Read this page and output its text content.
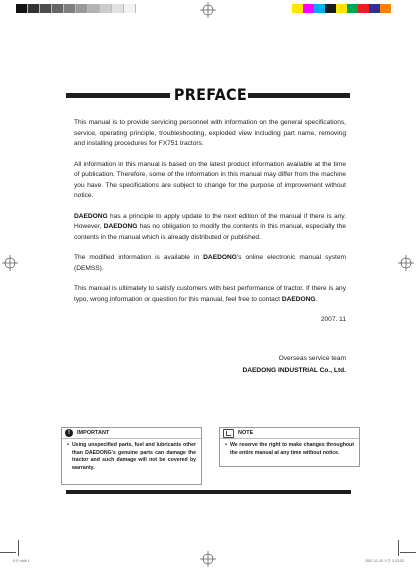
PREFACE

This manual is to provide servicing personnel with information on the general specifications, service, operating principle, troubleshooting, exploded view including part name, removing and installing procedures for FX751 tractors.

All information in this manual is based on the latest product information available at the time of publication. Therefore, some of the information in this manual may differ from the machine you have. The specifications are subject to change for the purpose of improvement without notice.

DAEDONG has a principle to apply update to the next edition of the manual if there is any. However, DAEDONG has no obligation to modify the contents in this manual, especially the contents in the manual which is already distributed or published.

The modified information is available in DAEDONG's online electronic manual system (DEMSS).

This manual is ultimately to satisfy customers with best performance of tractor. If there is any typo, wrong information or question for this manual, feel free to contact DAEDONG.

2007. 11
Overseas service team
DAEDONG INDUSTRIAL Co., Ltd.
!	IMPORTANT
• Using unspecified parts, fuel and lubricants other than DAEDONG's genuine parts can damage the tractor and such damage will not be covered by warranty.
NOTE
• We reserve the right to make changes throughout the entire manual at any time without notice.
서문.indb 1	2007-11-20 오후 3:33:03
